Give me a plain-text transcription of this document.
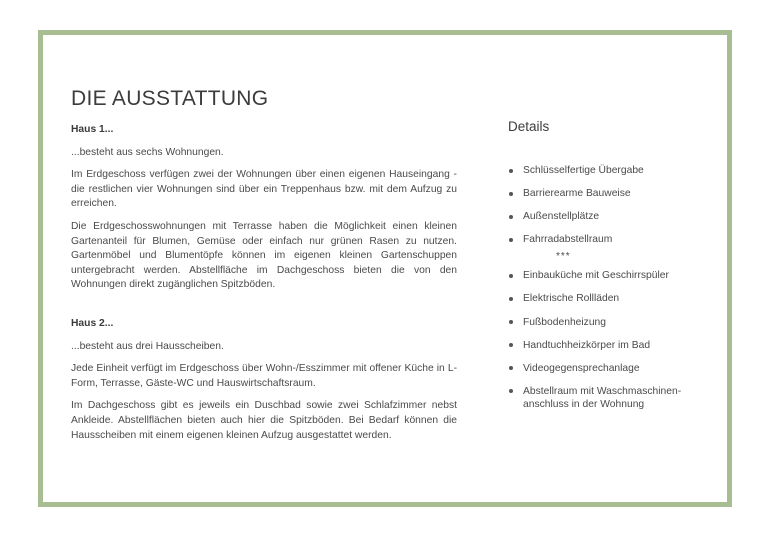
DIE AUSSTATTUNG

Haus 1...

...besteht aus sechs Wohnungen.

Im Erdgeschoss verfügen zwei der Wohnungen über einen eigenen Hauseingang - die restlichen vier Wohnungen sind über ein Treppenhaus bzw. mit dem Aufzug zu erreichen.

Die Erdgeschosswohnungen mit Terrasse haben die Möglichkeit einen kleinen Gartenanteil für Blumen, Gemüse oder einfach nur grünen Rasen zu nutzen. Gartenmöbel und Blumentöpfe können im eigenen kleinen Gartenschuppen untergebracht werden. Abstellfläche im Dachgeschoss bieten die von den Wohnungen direkt zugänglichen Spitzböden.

Haus 2...

...besteht aus drei Hausscheiben.

Jede Einheit verfügt im Erdgeschoss über Wohn-/Esszimmer mit offener Küche in L-Form, Terrasse, Gäste-WC und Hauswirtschaftsraum.

Im Dachgeschoss gibt es jeweils ein Duschbad sowie zwei Schlafzimmer nebst Ankleide. Abstellflächen bieten auch hier die Spitzböden. Bei Bedarf können die Hausscheiben mit einem eigenen kleinen Aufzug ausgestattet werden.

Details
Schlüsselfertige Übergabe
Barrierearme Bauweise
Außenstellplätze
Fahrradabstellraum
***
Einbauküche mit Geschirrspüler
Elektrische Rollläden
Fußbodenheizung
Handtuchheizkörper im Bad
Videogegensprechanlage
Abstellraum mit Waschmaschinen-anschluss in der Wohnung
